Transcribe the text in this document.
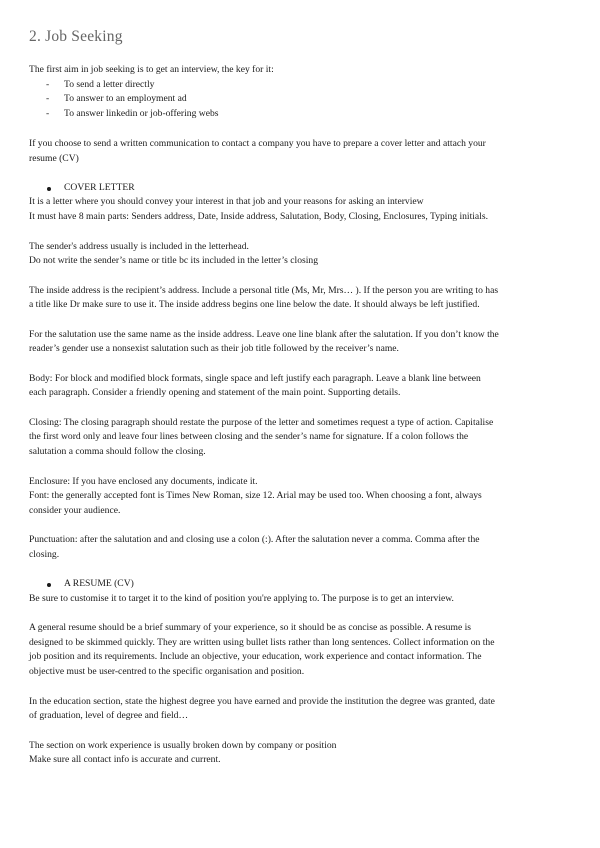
2. Job Seeking
The first aim in job seeking is to get an interview, the key for it:
- To send a letter directly
- To answer to an employment ad
- To answer linkedin or job-offering webs
If you choose to send a written communication to contact a company you have to prepare a cover letter and attach your
resume (CV)
COVER LETTER
It is a letter where you should convey your interest in that job and your reasons for asking an interview
It must have 8 main parts: Senders address, Date, Inside address, Salutation, Body, Closing, Enclosures, Typing initials.
The sender's address usually is included in the letterhead.
Do not write the sender’s name or title bc its included in the letter’s closing
The inside address is the recipient’s address. Include a personal title (Ms, Mr, Mrs… ). If the person you are writing to has
a title like Dr make sure to use it. The inside address begins one line below the date. It should always be left justified.
For the salutation use the same name as the inside address. Leave one line blank after the salutation. If you don’t know the
reader’s gender use a nonsexist salutation such as their job title followed by the receiver’s name.
Body: For block and modified block formats, single space and left justify each paragraph. Leave a blank line between
each paragraph. Consider a friendly opening and statement of the main point. Supporting details.
Closing: The closing paragraph should restate the purpose of the letter and sometimes request a type of action. Capitalise
the first word only and leave four lines between closing and the sender’s name for signature. If a colon follows the
salutation a comma should follow the closing.
Enclosure: If you have enclosed any documents, indicate it.
Font: the generally accepted font is Times New Roman, size 12. Arial may be used too. When choosing a font, always
consider your audience.
Punctuation: after the salutation and and closing use a colon (:). After the salutation never a comma. Comma after the
closing.
A RESUME (CV)
Be sure to customise it to target it to the kind of position you're applying to. The purpose is to get an interview.
A general resume should be a brief summary of your experience, so it should be as concise as possible. A resume is
designed to be skimmed quickly. They are written using bullet lists rather than long sentences. Collect information on the
job position and its requirements. Include an objective, your education, work experience and contact information. The
objective must be user-centred to the specific organisation and position.
In the education section, state the highest degree you have earned and provide the institution the degree was granted, date
of graduation, level of degree and field…
The section on work experience is usually broken down by company or position
Make sure all contact info is accurate and current.
